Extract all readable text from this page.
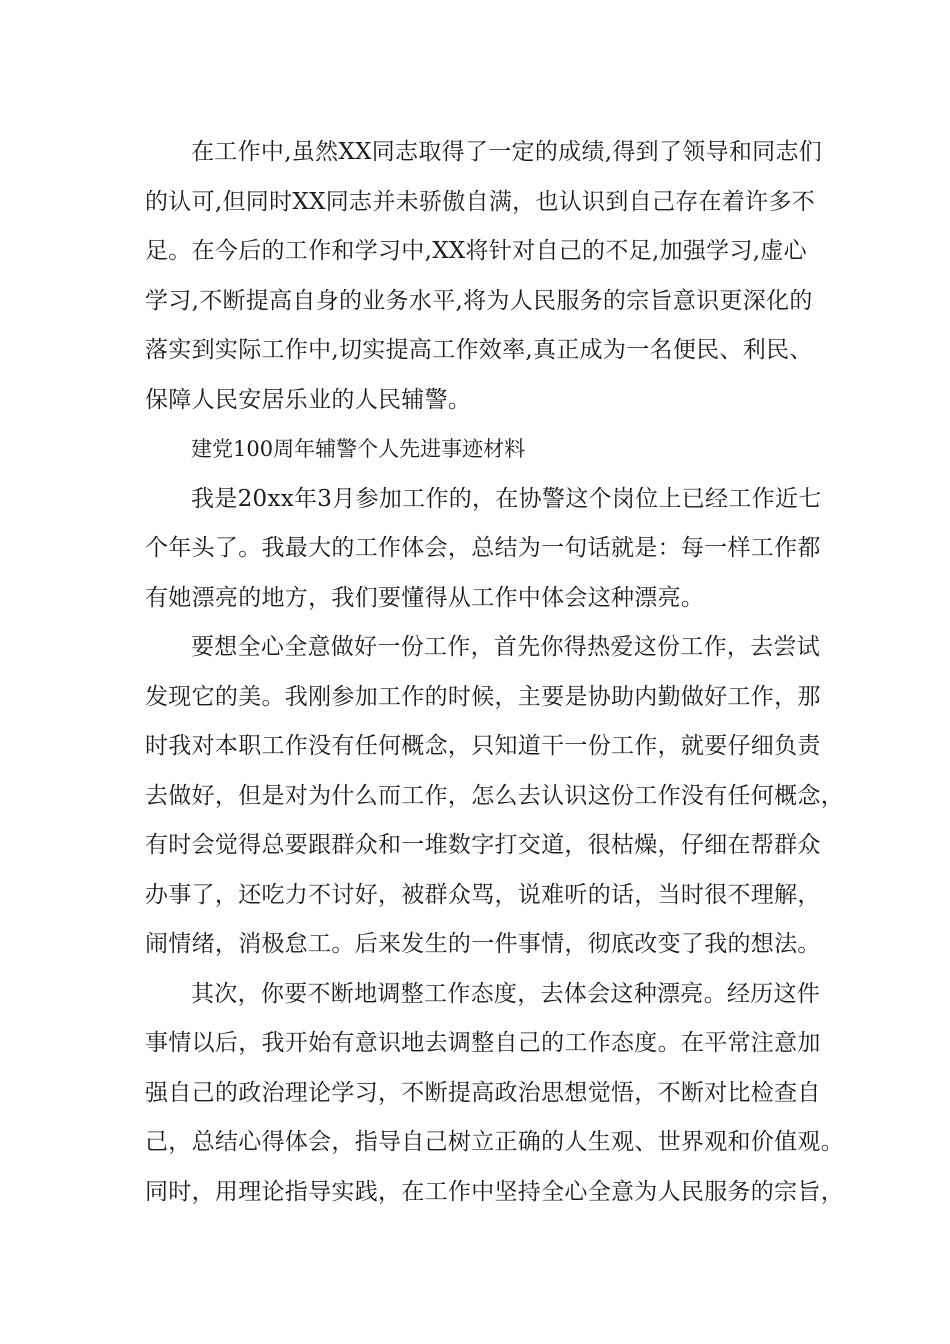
在工作中,虽然XX同志取得了一定的成绩,得到了领导和同志们
的认可,但同时XX同志并未骄傲自满，也认识到自己存在着许多不
足。在今后的工作和学习中,XX将针对自己的不足,加强学习,虚心
学习,不断提高自身的业务水平,将为人民服务的宗旨意识更深化的
落实到实际工作中,切实提高工作效率,真正成为一名便民、利民、
保障人民安居乐业的人民辅警。
建党100周年辅警个人先进事迹材料
我是20xx年3月参加工作的，在协警这个岗位上已经工作近七
个年头了。我最大的工作体会，总结为一句话就是：每一样工作都
有她漂亮的地方，我们要懂得从工作中体会这种漂亮。
要想全心全意做好一份工作，首先你得热爱这份工作，去尝试
发现它的美。我刚参加工作的时候，主要是协助内勤做好工作，那
时我对本职工作没有任何概念，只知道干一份工作，就要仔细负责
去做好，但是对为什么而工作，怎么去认识这份工作没有任何概念，
有时会觉得总要跟群众和一堆数字打交道，很枯燥，仔细在帮群众
办事了，还吃力不讨好，被群众骂，说难听的话，当时很不理解，
闹情绪，消极怠工。后来发生的一件事情，彻底改变了我的想法。
其次，你要不断地调整工作态度，去体会这种漂亮。经历这件
事情以后，我开始有意识地去调整自己的工作态度。在平常注意加
强自己的政治理论学习，不断提高政治思想觉悟，不断对比检查自
己，总结心得体会，指导自己树立正确的人生观、世界观和价值观。
同时，用理论指导实践，在工作中坚持全心全意为人民服务的宗旨，
